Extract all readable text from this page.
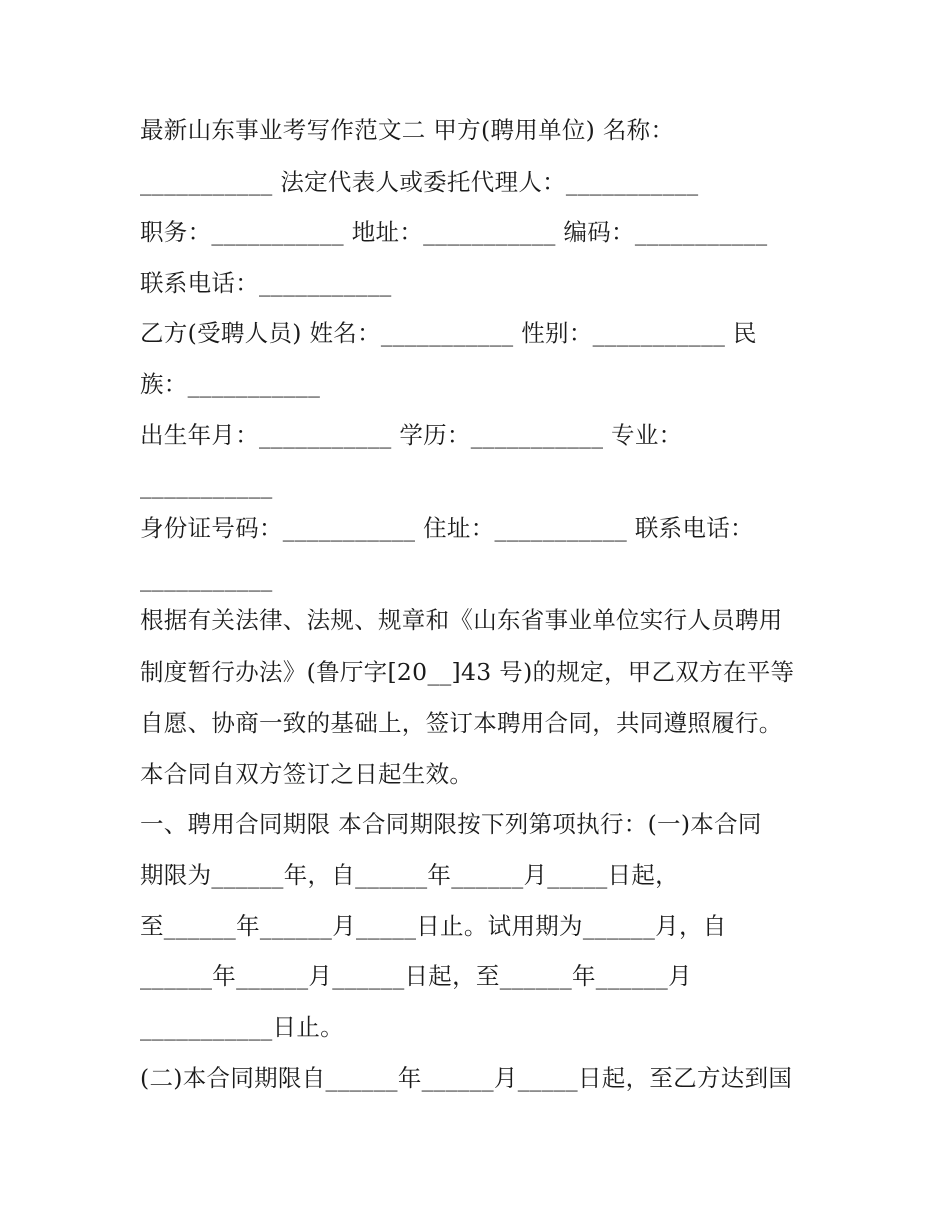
最新山东事业考写作范文二 甲方(聘用单位) 名称：
___________ 法定代表人或委托代理人：___________
职务：___________ 地址：___________ 编码：___________
联系电话：___________
乙方(受聘人员) 姓名：___________ 性别：___________ 民
族：___________
出生年月：___________ 学历：___________ 专业：
___________
身份证号码：___________ 住址：___________ 联系电话：
___________
根据有关法律、法规、规章和《山东省事业单位实行人员聘用
制度暂行办法》(鲁厅字[20__]43 号)的规定，甲乙双方在平等
自愿、协商一致的基础上，签订本聘用合同，共同遵照履行。
本合同自双方签订之日起生效。
一、聘用合同期限 本合同期限按下列第项执行：(一)本合同
期限为______年，自______年______月_____日起，
至______年______月_____日止。试用期为______月，自
______年______月______日起，至______年______月
___________日止。
(二)本合同期限自______年______月_____日起，至乙方达到国
